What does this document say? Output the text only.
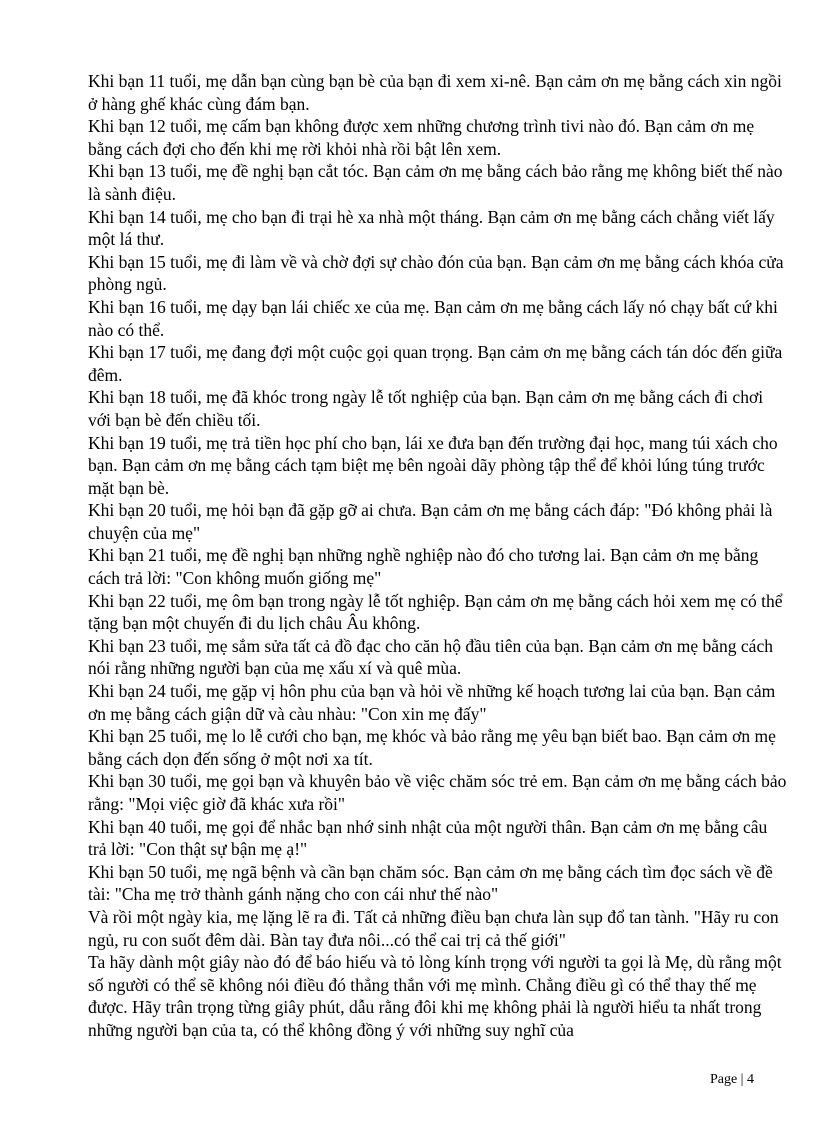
Khi bạn 11 tuổi, mẹ dẫn bạn cùng bạn bè của bạn đi xem xi-nê. Bạn cảm ơn mẹ bằng cách xin ngồi ở hàng ghế khác cùng đám bạn.

Khi bạn 12 tuổi, mẹ cấm bạn không được xem những chương trình tivi nào đó. Bạn cảm ơn mẹ bằng cách đợi cho đến khi mẹ rời khỏi nhà rồi bật lên xem.

Khi bạn 13 tuổi, mẹ đề nghị bạn cắt tóc. Bạn cảm ơn mẹ bằng cách bảo rằng mẹ không biết thế nào là sành điệu.

Khi bạn 14 tuổi, mẹ cho bạn đi trại hè xa nhà một tháng. Bạn cảm ơn mẹ bằng cách chẳng viết lấy một lá thư.

Khi bạn 15 tuổi, mẹ đi làm về và chờ đợi sự chào đón của bạn. Bạn cảm ơn mẹ bằng cách khóa cửa phòng ngủ.

Khi bạn 16 tuổi, mẹ dạy bạn lái chiếc xe của mẹ. Bạn cảm ơn mẹ bằng cách lấy nó chạy bất cứ khi nào có thể.

Khi bạn 17 tuổi, mẹ đang đợi một cuộc gọi quan trọng. Bạn cảm ơn mẹ bằng cách tán dóc đến giữa đêm.

Khi bạn 18 tuổi, mẹ đã khóc trong ngày lễ tốt nghiệp của bạn. Bạn cảm ơn mẹ bằng cách đi chơi với bạn bè đến chiều tối.

Khi bạn 19 tuổi, mẹ trả tiền học phí cho bạn, lái xe đưa bạn đến trường đại học, mang túi xách cho bạn. Bạn cảm ơn mẹ bằng cách tạm biệt mẹ bên ngoài dãy phòng tập thể để khỏi lúng túng trước mặt bạn bè.

Khi bạn 20 tuổi, mẹ hỏi bạn đã gặp gỡ ai chưa. Bạn cảm ơn mẹ bằng cách đáp: "Đó không phải là chuyện của mẹ"

Khi bạn 21 tuổi, mẹ đề nghị bạn những nghề nghiệp nào đó cho tương lai. Bạn cảm ơn mẹ bằng cách trả lời: "Con không muốn giống mẹ"

Khi bạn 22 tuổi, mẹ ôm bạn trong ngày lễ tốt nghiệp. Bạn cảm ơn mẹ bằng cách hỏi xem mẹ có thể tặng bạn một chuyến đi du lịch châu Âu không.

Khi bạn 23 tuổi, mẹ sắm sửa tất cả đồ đạc cho căn hộ đầu tiên của bạn. Bạn cảm ơn mẹ bằng cách nói rằng những người bạn của mẹ xấu xí và quê mùa.

Khi bạn 24 tuổi, mẹ gặp vị hôn phu của bạn và hỏi về những kế hoạch tương lai của bạn. Bạn cảm ơn mẹ bằng cách giận dữ và càu nhàu: "Con xin mẹ đấy"

Khi bạn 25 tuổi, mẹ lo lễ cưới cho bạn, mẹ khóc và bảo rằng mẹ yêu bạn biết bao. Bạn cảm ơn mẹ bằng cách dọn đến sống ở một nơi xa tít.

Khi bạn 30 tuổi, mẹ gọi bạn và khuyên bảo về việc chăm sóc trẻ em. Bạn cảm ơn mẹ bằng cách bảo rằng: "Mọi việc giờ đã khác xưa rồi"

Khi bạn 40 tuổi, mẹ gọi để nhắc bạn nhớ sinh nhật của một người thân. Bạn cảm ơn mẹ bằng câu trả lời: "Con thật sự bận mẹ ạ!"

Khi bạn 50 tuổi, mẹ ngã bệnh và cần bạn chăm sóc. Bạn cảm ơn mẹ bằng cách tìm đọc sách về đề tài: "Cha mẹ trở thành gánh nặng cho con cái như thế nào"

Và rồi một ngày kia, mẹ lặng lẽ ra đi. Tất cả những điều bạn chưa làn sụp đổ tan tành. "Hãy ru con ngủ, ru con suốt đêm dài. Bàn tay đưa nôi...có thể cai trị cả thế giới"

Ta hãy dành một giây nào đó để báo hiếu và tỏ lòng kính trọng với người ta gọi là Mẹ, dù rằng một số người có thể sẽ không nói điều đó thẳng thắn với mẹ mình. Chẳng điều gì có thể thay thế mẹ được. Hãy trân trọng từng giây phút, dẫu rằng đôi khi mẹ không phải là người hiểu ta nhất trong những người bạn của ta, có thể không đồng ý với những suy nghĩ của

Page | 4
